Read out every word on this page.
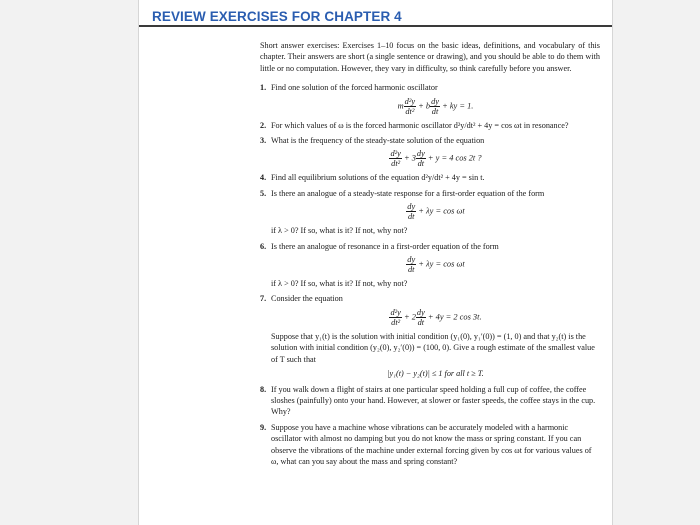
REVIEW EXERCISES FOR CHAPTER 4

Short answer exercises: Exercises 1–10 focus on the basic ideas, definitions, and vocabulary of this chapter. Their answers are short (a single sentence or drawing), and you should be able to do them with little or no computation. However, they vary in difficulty, so think carefully before you answer.

1. Find one solution of the forced harmonic oscillator
m $\frac{\text{d²y}}{\text{dt²}} + b \frac{dy}{dt}$ + ky = 1.
2. For which values of ω is the forced harmonic oscillator d²y/dt² + 4y = cos ωt in resonance?
3. What is the frequency of the steady-state solution of the equation
$\frac{\text{d²y}}{\text{dt²}} + 3 \frac{dy}{dt} + y = 4$ cos 2t ?
4. Find all equilibrium solutions of the equation d²y/dt² + 4y = sin t.
5. Is there an analogue of a steady-state response for a first-order equation of the form
$\frac{dy}{dt} + \lambda y = \cos \omega t$
if λ > 0? If so, what is it? If not, why not?
6. Is there an analogue of resonance in a first-order equation of the form
$\frac{dy}{dt} + \lambda y = \cos \omega t$
if λ > 0? If so, what is it? If not, why not?
7. Consider the equation
$\frac{\text{d²y}}{\text{dt²}} + 2 \frac{dy}{dt} + 4y = 2$ cos 3t.
Suppose that y₁(t) is the solution with initial condition (y₁(0), y₁′(0)) = (1, 0) and that y₂(t) is the solution with initial condition (y₂(0), y₂′(0)) = (100, 0). Give a rough estimate of the smallest value of T such that
|y₁(t) − y₂(t)| ≤ 1 for all t ≥ T.
8. If you walk down a flight of stairs at one particular speed holding a full cup of coffee, the coffee sloshes (painfully) onto your hand. However, at slower or faster speeds, the coffee stays in the cup. Why?
9. Suppose you have a machine whose vibrations can be accurately modeled with a harmonic oscillator with almost no damping but you do not know the mass or spring constant. If you can observe the vibrations of the machine under external forcing given by cos ωt for various values of ω, what can you say about the mass and spring constant?
